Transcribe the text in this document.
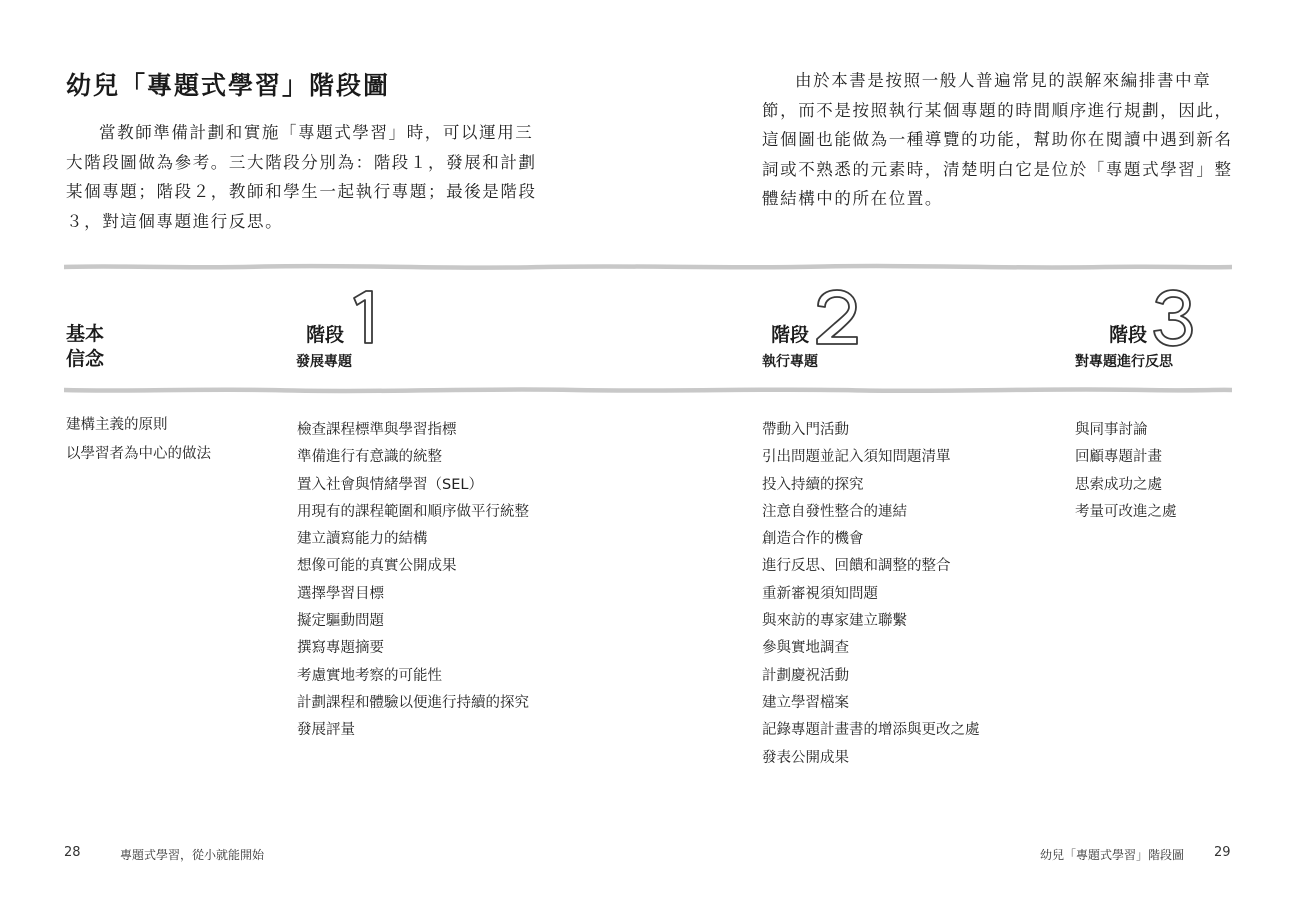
幼兒「專題式學習」階段圖

當教師準備計劃和實施「專題式學習」時，可以運用三大階段圖做為參考。三大階段分別為：階段１，發展和計劃某個專題；階段２，教師和學生一起執行專題；最後是階段３，對這個專題進行反思。

由於本書是按照一般人普遍常見的誤解來編排書中章節，而不是按照執行某個專題的時間順序進行規劃，因此，這個圖也能做為一種導覽的功能，幫助你在閱讀中遇到新名詞或不熟悉的元素時，清楚明白它是位於「專題式學習」整體結構中的所在位置。

基本
信念
階段
1
發展專題
階段
2
執行專題
階段
3
對專題進行反思
建構主義的原則
以學習者為中心的做法
檢查課程標準與學習指標
準備進行有意識的統整
置入社會與情緒學習（SEL）
用現有的課程範圍和順序做平行統整
建立讀寫能力的結構
想像可能的真實公開成果
選擇學習目標
擬定驅動問題
撰寫專題摘要
考慮實地考察的可能性
計劃課程和體驗以便進行持續的探究
發展評量
帶動入門活動
引出問題並記入須知問題清單
投入持續的探究
注意自發性整合的連結
創造合作的機會
進行反思、回饋和調整的整合
重新審視須知問題
與來訪的專家建立聯繫
參與實地調查
計劃慶祝活動
建立學習檔案
記錄專題計畫書的增添與更改之處
發表公開成果
與同事討論
回顧專題計畫
思索成功之處
考量可改進之處
28	專題式學習，從小就能開始	幼兒「專題式學習」階段圖 29
